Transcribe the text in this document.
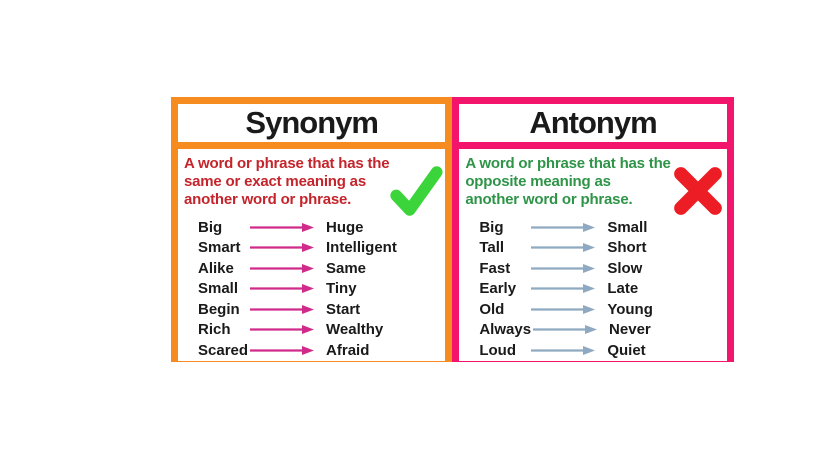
Synonym

A word or phrase that has the
same or exact meaning as
another word or phrase.

Big	Huge
Smart	Intelligent
Alike	Same
Small	Tiny
Begin	Start
Rich	Wealthy
Scared	Afraid
Antonym

A word or phrase that has the
opposite meaning as
another word or phrase.

Big	Small
Tall	Short
Fast	Slow
Early	Late
Old	Young
Always	Never
Loud	Quiet
